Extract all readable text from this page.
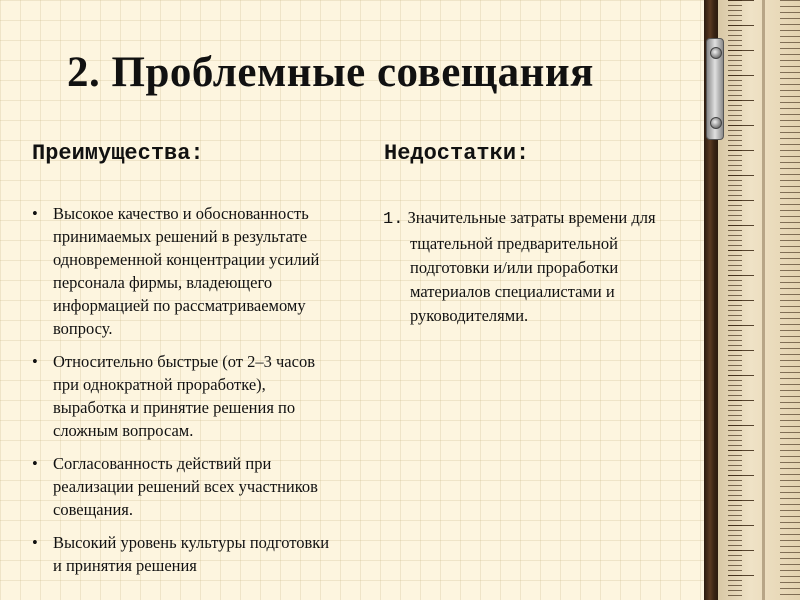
2. Проблемные совещания
Преимущества:	Недостатки:
• Высокое качество и обоснованность принимаемых решений в результате одновременной концентрации усилий персонала фирмы, владеющего информацией по рассматриваемому вопросу.
• Относительно быстрые (от 2–3 часов при однократной проработке), выработка и принятие решения по сложным вопросам.
• Согласованность действий при реализации решений всех участников совещания.
• Высокий уровень культуры подготовки и принятия решения
1. Значительные затраты времени для тщательной предварительной подготовки и/или проработки материалов специалистами и руководителями.
